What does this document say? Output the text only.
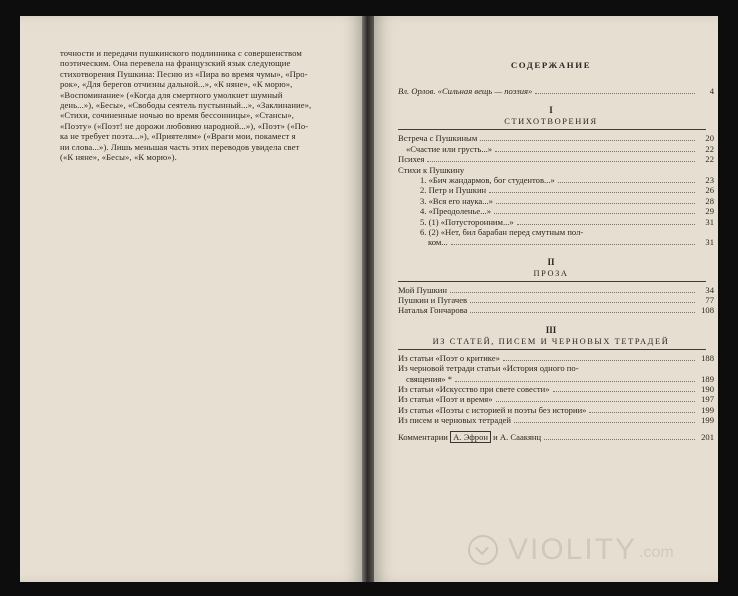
точности и передачи пушкинского подлинника с совершенством
поэтическим. Она перевела на французский язык следующие
стихотворения Пушкина: Песню из «Пира во время чумы», «Про-
рок», «Для берегов отчизны дальной...», «К няне», «К морю»,
«Воспоминание» («Когда для смертного умолкнет шумный
день...»), «Бесы», «Свободы сеятель пустынный...», «Заклинание»,
«Стихи, сочиненные ночью во время бессонницы», «Стансы»,
«Поэту» («Поэт! не дорожи любовию народной...»), «Поэт» («По-
ка не требует поэта...»), «Приятелям» («Враги мои, покамест я
ни слова...»). Лишь меньшая часть этих переводов увидела свет
(«К няне», «Бесы», «К морю»).
СОДЕРЖАНИЕ
Вл. Орлов. «Сильная вещь — поэзия»	4
I
СТИХОТВОРЕНИЯ
Встреча с Пушкиным	20
«Счастие или грусть...»	22
Психея	22
Стихи к Пушкину
1. «Бич жандармов, бог студентов...»	23
2. Петр и Пушкин	26
3. «Вся его наука...»	28
4. «Преодоленье...»	29
5. (1) «Потусторонним...»	31
6. (2) «Нет, бил барабан перед смутным пол-
ком...	31
II
ПРОЗА
Мой Пушкин	34
Пушкин и Пугачев	77
Наталья Гончарова	108
III
ИЗ СТАТЕЙ, ПИСЕМ И ЧЕРНОВЫХ ТЕТРАДЕЙ
Из статьи «Поэт о критике»	188
Из черновой тетради статьи «История одного по-
священия» *	189
Из статьи «Искусство при свете совести»	190
Из статьи «Поэт и время»	197
Из статьи «Поэты с историей и поэты без истории»	199
Из писем и черновых тетрадей	199
Комментарии А. Эфрон и А. Саакянц	201
VIOLITY .com
